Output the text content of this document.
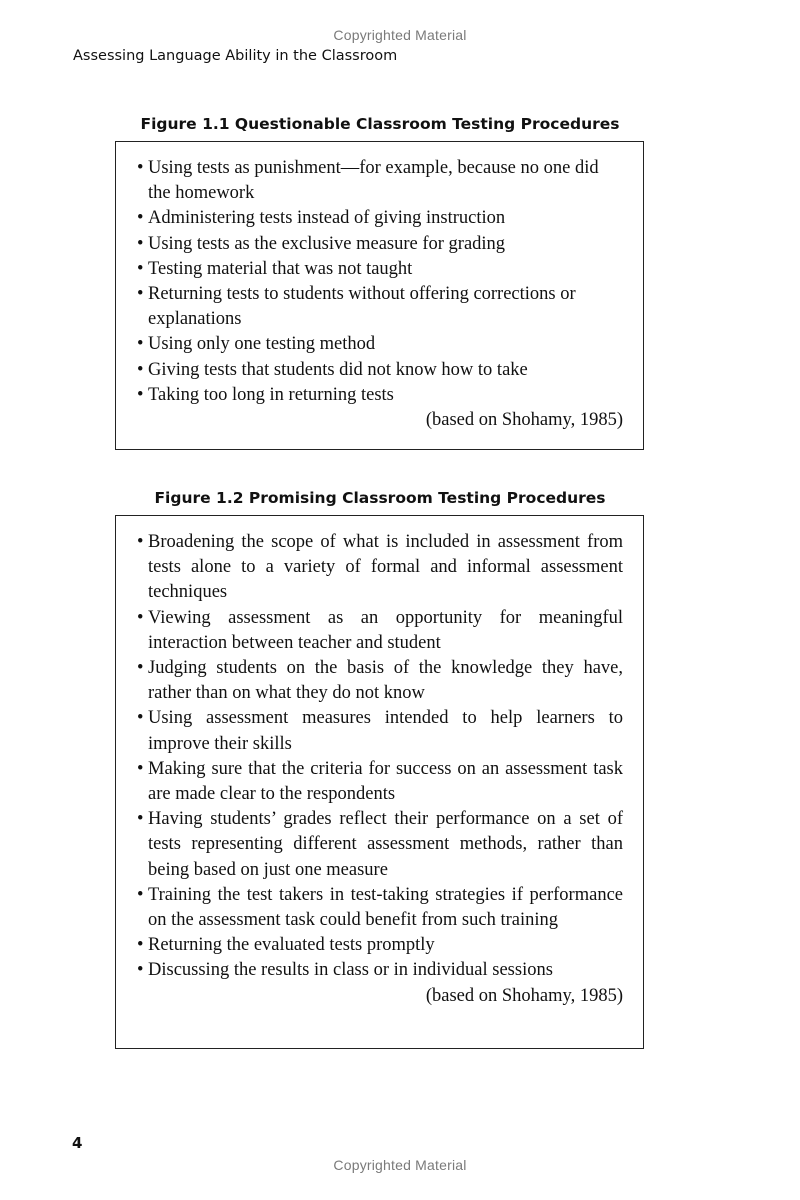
Copyrighted Material
Assessing Language Ability in the Classroom
Figure 1.1 Questionable Classroom Testing Procedures
• Using tests as punishment—for example, because no one did the homework
• Administering tests instead of giving instruction
• Using tests as the exclusive measure for grading
• Testing material that was not taught
• Returning tests to students without offering corrections or explanations
• Using only one testing method
• Giving tests that students did not know how to take
• Taking too long in returning tests
(based on Shohamy, 1985)
Figure 1.2 Promising Classroom Testing Procedures
• Broadening the scope of what is included in assessment from tests alone to a variety of formal and informal assessment techniques
• Viewing assessment as an opportunity for meaningful interaction between teacher and student
• Judging students on the basis of the knowledge they have, rather than on what they do not know
• Using assessment measures intended to help learners to improve their skills
• Making sure that the criteria for success on an assessment task are made clear to the respondents
• Having students’ grades reflect their performance on a set of tests representing different assessment methods, rather than being based on just one measure
• Training the test takers in test-taking strategies if performance on the assessment task could benefit from such training
• Returning the evaluated tests promptly
• Discussing the results in class or in individual sessions
(based on Shohamy, 1985)
4
Copyrighted Material
